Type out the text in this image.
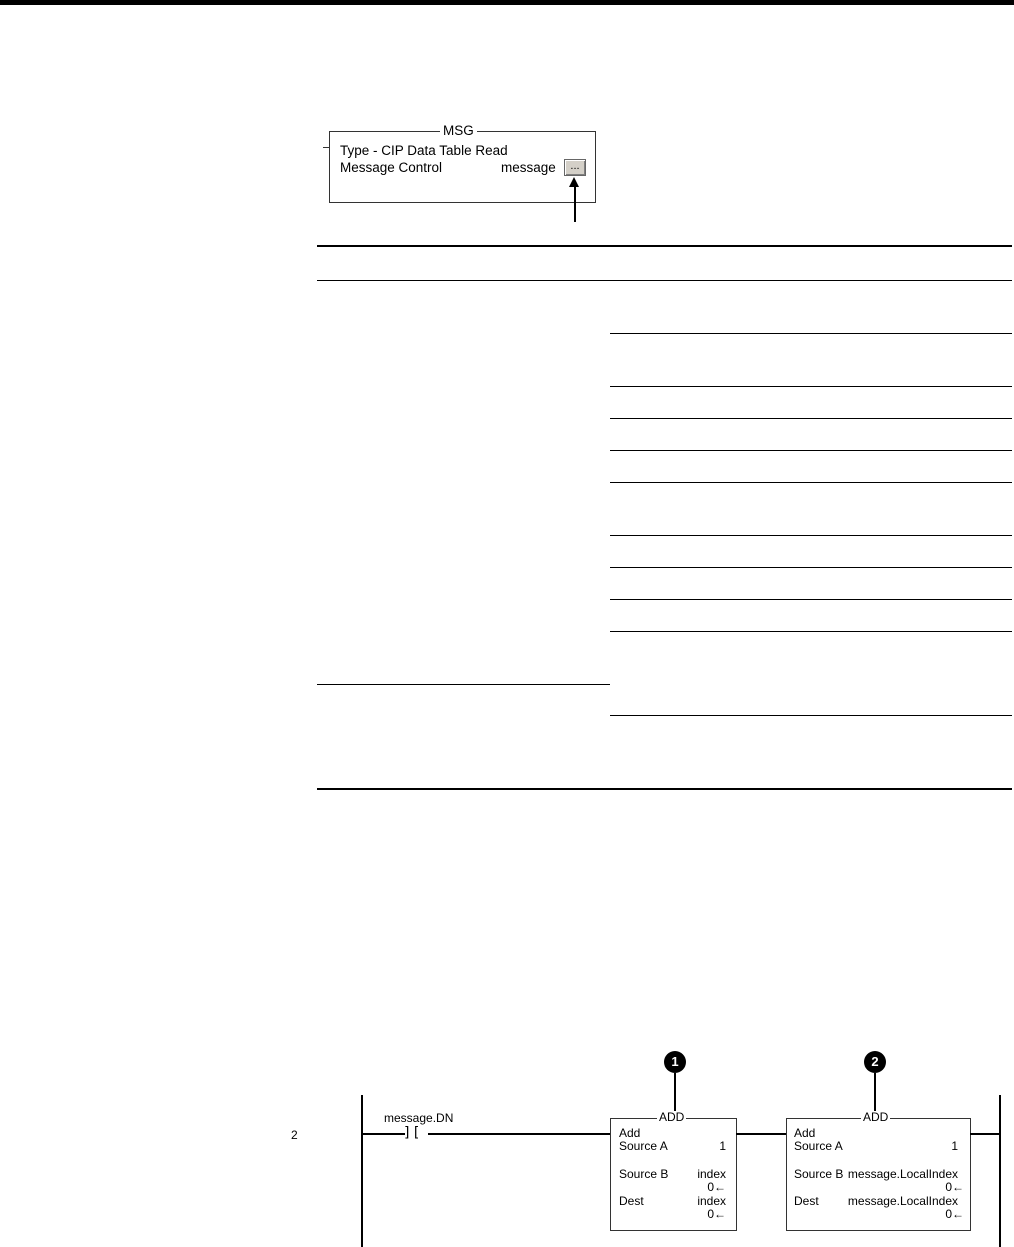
MSG
Type - CIP Data Table Read
Message Control	message	...

2
message.DN
] [
1
ADD
Add
Source A	1
Source B index
0←
Dest	index
0←
2
ADD
Add
Source A	1
Source B message.LocalIndex
0←
Dest message.LocalIndex
0←
